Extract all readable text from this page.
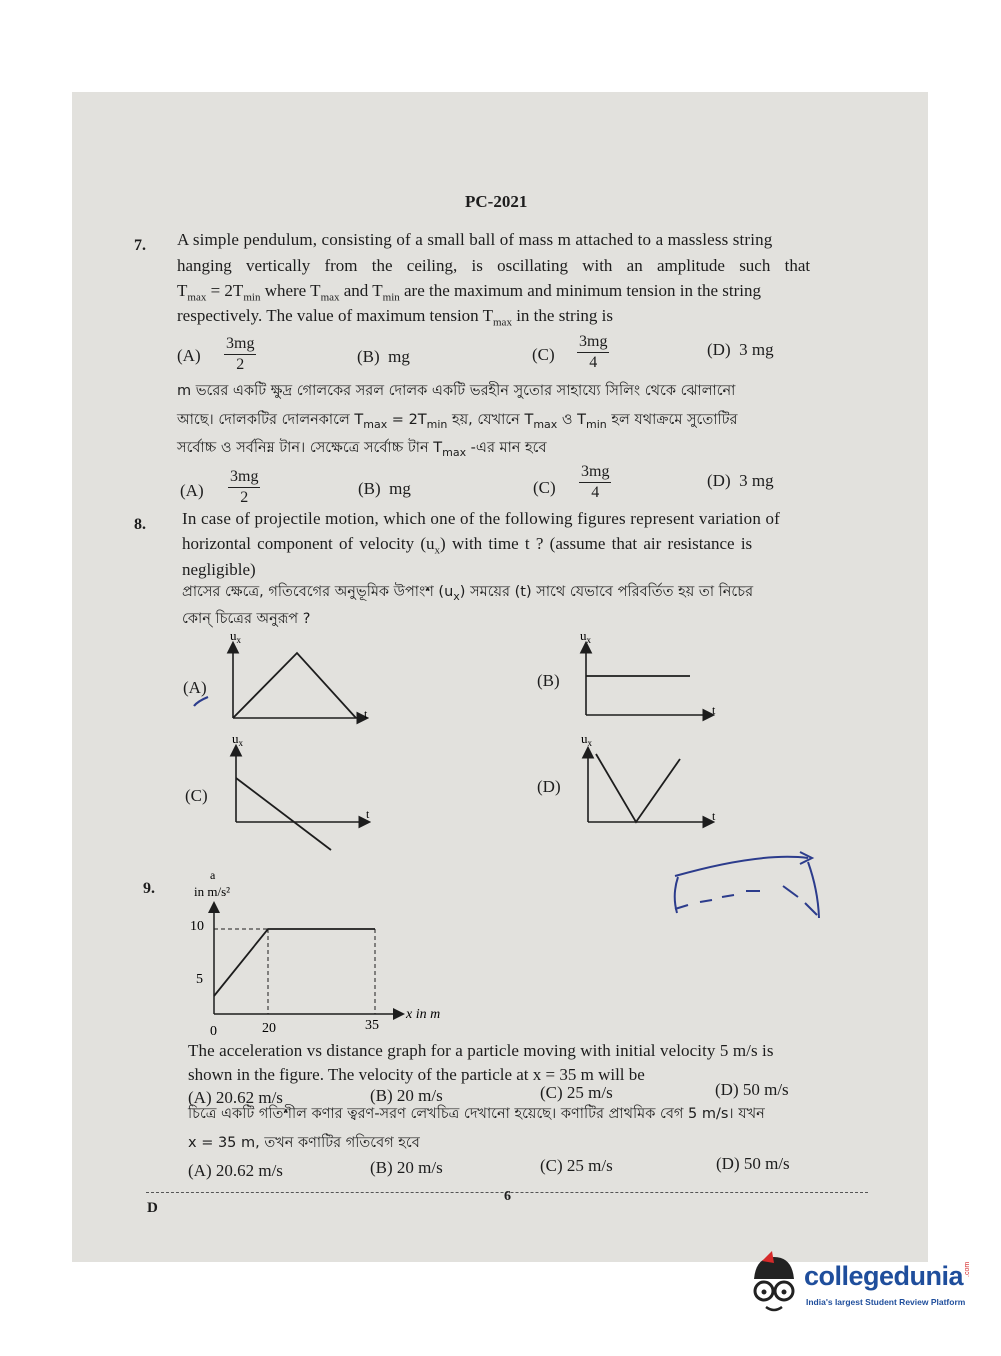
PC-2021
7. A simple pendulum, consisting of a small ball of mass m attached to a massless string
hanging vertically from the ceiling, is oscillating with an amplitude such that
$T_{max} = 2T_{min}$ where $T_{max}$ and $T_{min}$ are the maximum and minimum tension in the string
respectively. The value of maximum tension $T_{max}$ in the string is
$(A) \frac{3mg}{2}$	(B) mg	$(C) \frac{3mg}{4}$	(D) 3 mg
m ভরের একটি ক্ষুদ্র গোলকের সরল দোলক একটি ভরহীন সুতোর সাহায্যে সিলিং থেকে ঝোলানো
আছে। দোলকটির দোলনকালে $T_{max} = 2T_{min}$ হয়, যেখানে $T_{max}$ ও $T_{min}$ হল যথাক্রমে সুতোটির
সর্বোচ্চ ও সর্বনিম্ন টান। সেক্ষেত্রে সর্বোচ্চ টান $T_{max}$ -এর মান হবে
$(A) \frac{3mg}{2}$	(B) mg	$(C) \frac{3mg}{4}$	(D) 3 mg
8. In case of projectile motion, which one of the following figures represent variation of
horizontal component of velocity $(u_x)$ with time t ? (assume that air resistance is
negligible)
প্রাসের ক্ষেত্রে, গতিবেগের অনুভূমিক উপাংশ $(u_x)$ সময়ের (t) সাথে যেভাবে পরিবর্তিত হয় তা নিচের
কোন্ চিত্রের অনুরূপ ?
$u_x$
t
$u_x$
t
$u_x$
t
$u_x$
t
(A)	(B)
(C)	(D)
9.
a
in m/s²
10
5
0	20	35
x in m
The acceleration vs distance graph for a particle moving with initial velocity 5 m/s is
shown in the figure. The velocity of the particle at x = 35 m will be
(A) 20.62 m/s	(B) 20 m/s	(C) 25 m/s	(D) 50 m/s
চিত্রে একটি গতিশীল কণার ত্বরণ-সরণ লেখচিত্র দেখানো হয়েছে। কণাটির প্রাথমিক বেগ 5 m/s। যখন
x = 35 m, তখন কণাটির গতিবেগ হবে
(A) 20.62 m/s	(B) 20 m/s	(C) 25 m/s	(D) 50 m/s
D
6
collegedunia .com
India's largest Student Review Platform
